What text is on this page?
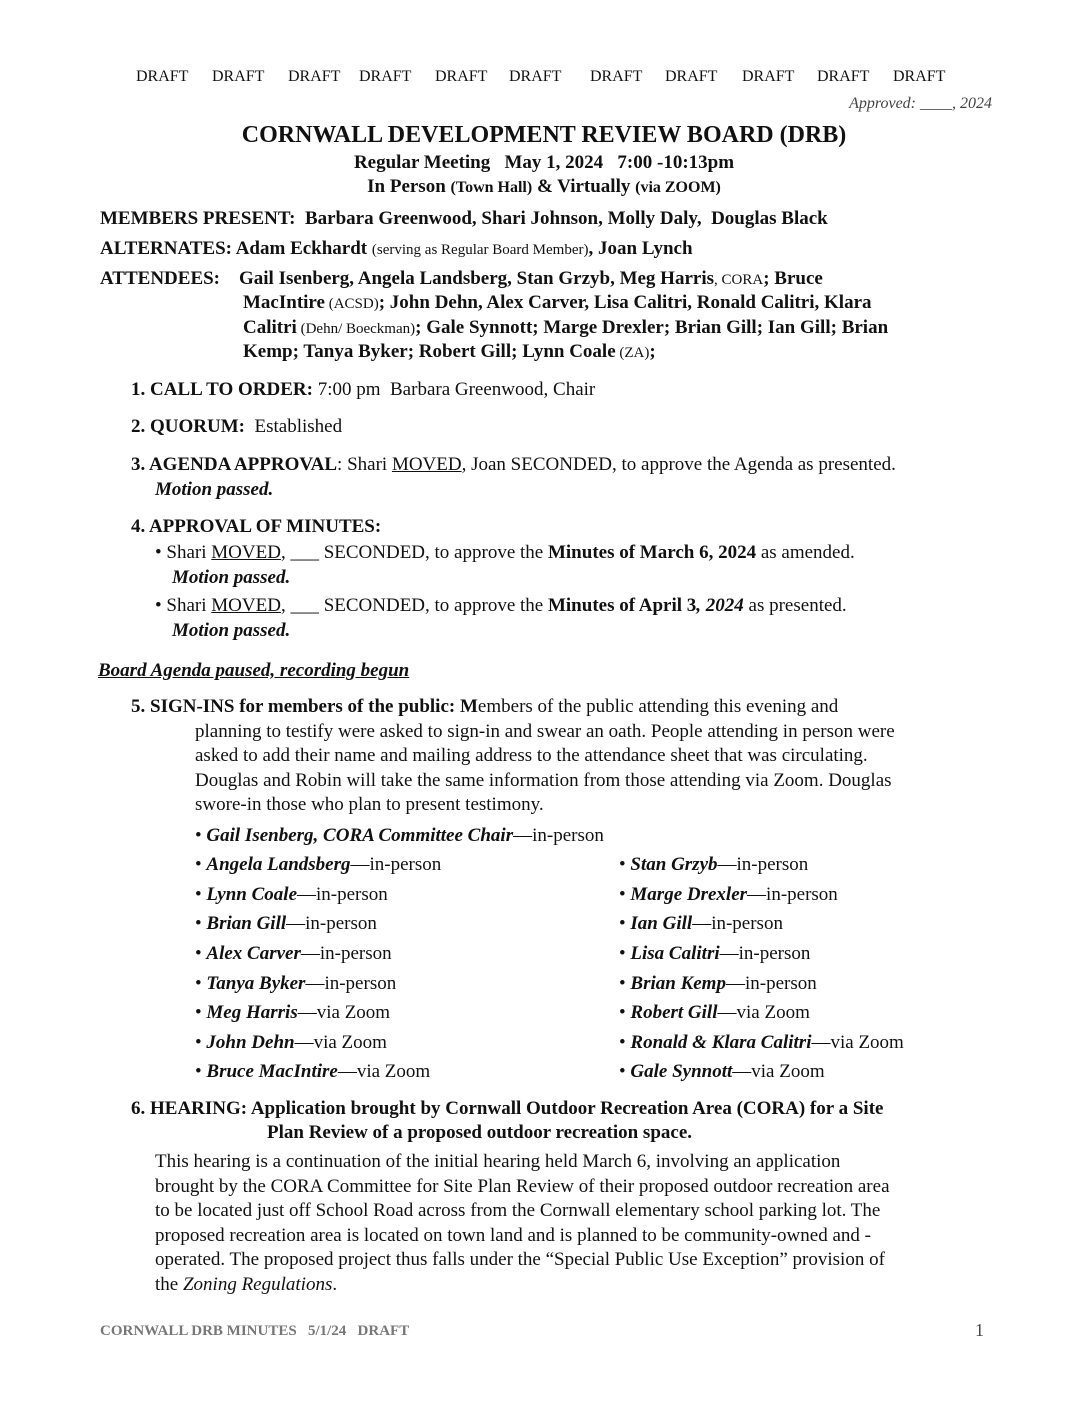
DRAFT DRAFT DRAFT DRAFT DRAFT DRAFT DRAFT DRAFT DRAFT DRAFT DRAFT
Approved: ____, 2024
CORNWALL DEVELOPMENT REVIEW BOARD (DRB)
Regular Meeting   May 1, 2024   7:00 -10:13pm
In Person (Town Hall) & Virtually (via ZOOM)
MEMBERS PRESENT: Barbara Greenwood, Shari Johnson, Molly Daly,  Douglas Black
ALTERNATES: Adam Eckhardt (serving as Regular Board Member), Joan Lynch
ATTENDEES: Gail Isenberg, Angela Landsberg, Stan Grzyb, Meg Harris, CORA; Bruce
MacIntire (ACSD); John Dehn, Alex Carver, Lisa Calitri, Ronald Calitri, Klara
Calitri (Dehn/ Boeckman); Gale Synnott; Marge Drexler; Brian Gill; Ian Gill; Brian
Kemp; Tanya Byker; Robert Gill; Lynn Coale (ZA);
1. CALL TO ORDER: 7:00 pm  Barbara Greenwood, Chair
2. QUORUM:  Established
3. AGENDA APPROVAL: Shari MOVED, Joan SECONDED, to approve the Agenda as presented.
Motion passed.
4. APPROVAL OF MINUTES:
• Shari MOVED, ___ SECONDED, to approve the Minutes of March 6, 2024 as amended.
Motion passed.
• Shari MOVED, ___ SECONDED, to approve the Minutes of April 3, 2024 as presented.
Motion passed.
Board Agenda paused, recording begun
5. SIGN-INS for members of the public: Members of the public attending this evening and
planning to testify were asked to sign-in and swear an oath. People attending in person were
asked to add their name and mailing address to the attendance sheet that was circulating.
Douglas and Robin will take the same information from those attending via Zoom. Douglas
swore-in those who plan to present testimony.
• Gail Isenberg, CORA Committee Chair—in-person
• Angela Landsberg—in-person
• Lynn Coale—in-person
• Brian Gill—in-person
• Alex Carver—in-person
• Tanya Byker—in-person
• Meg Harris—via Zoom
• John Dehn—via Zoom
• Bruce MacIntire—via Zoom
• Stan Grzyb—in-person
• Marge Drexler—in-person
• Ian Gill—in-person
• Lisa Calitri—in-person
• Brian Kemp—in-person
• Robert Gill—via Zoom
• Ronald & Klara Calitri—via Zoom
• Gale Synnott—via Zoom
6. HEARING: Application brought by Cornwall Outdoor Recreation Area (CORA) for a Site
Plan Review of a proposed outdoor recreation space.
This hearing is a continuation of the initial hearing held March 6, involving an application
brought by the CORA Committee for Site Plan Review of their proposed outdoor recreation area
to be located just off School Road across from the Cornwall elementary school parking lot. The
proposed recreation area is located on town land and is planned to be community-owned and -
operated. The proposed project thus falls under the “Special Public Use Exception” provision of
the Zoning Regulations.
CORNWALL DRB MINUTES   5/1/24   DRAFT	1
